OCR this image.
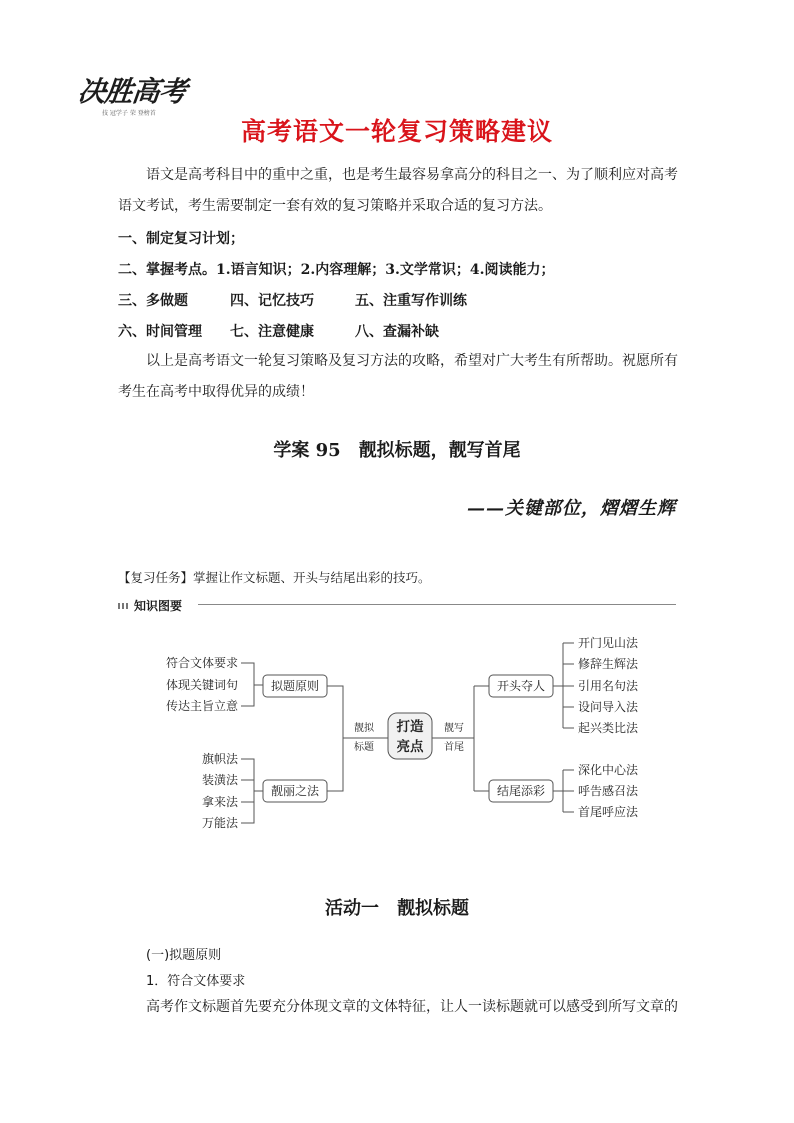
决胜高考
技 冠学子 荣 登榜首
高考语文一轮复习策略建议
语文是高考科目中的重中之重，也是考生最容易拿高分的科目之一、为了顺利应对高考语文考试，考生需要制定一套有效的复习策略并采取合适的复习方法。
一、制定复习计划；
二、掌握考点。1.语言知识；2.内容理解；3.文学常识；4.阅读能力；
三、多做题	四、记忆技巧	五、注重写作训练
六、时间管理 七、注意健康	八、查漏补缺
以上是高考语文一轮复习策略及复习方法的攻略，希望对广大考生有所帮助。祝愿所有考生在高考中取得优异的成绩！
学案 95　靓拟标题，靓写首尾
——关键部位，熠熠生辉
【复习任务】掌握让作文标题、开头与结尾出彩的技巧。
知识图要
拟题原则
靓丽之法
开头夺人
结尾添彩
打造
亮点
靓拟
标题
靓写
首尾
符合文体要求
体现关键词句
传达主旨立意
旗帜法
装潢法
拿来法
万能法
开门见山法
修辞生辉法
引用名句法
设问导入法
起兴类比法
深化中心法
呼告感召法
首尾呼应法
活动一　靓拟标题
(一)拟题原则
1．符合文体要求
高考作文标题首先要充分体现文章的文体特征，让人一读标题就可以感受到所写文章的
